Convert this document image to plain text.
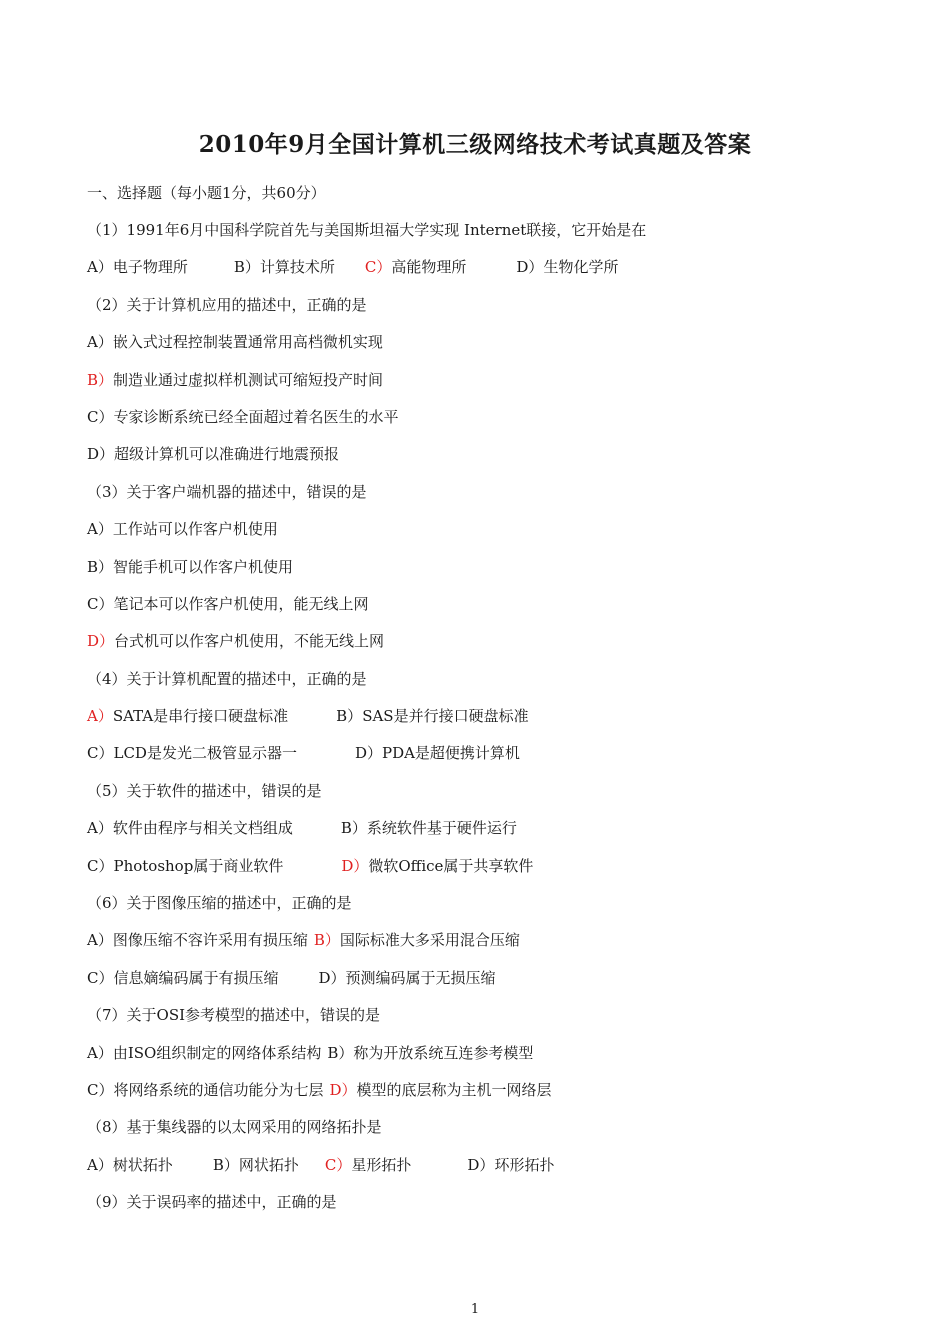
2010年9月全国计算机三级网络技术考试真题及答案
一、选择题（每小题1分，共60分）
（1）1991年6月中国科学院首先与美国斯坦福大学实现 Internet联接，它开始是在
A）电子物理所	B）计算技术所 C）高能物理所	D）生物化学所
（2）关于计算机应用的描述中，正确的是
A）嵌入式过程控制装置通常用高档微机实现
B）制造业通过虚拟样机测试可缩短投产时间
C）专家诊断系统已经全面超过着名医生的水平
D）超级计算机可以准确进行地震预报
（3）关于客户端机器的描述中，错误的是
A）工作站可以作客户机使用
B）智能手机可以作客户机使用
C）笔记本可以作客户机使用，能无线上网
D）台式机可以作客户机使用，不能无线上网
（4）关于计算机配置的描述中，正确的是
A）SATA是串行接口硬盘标准	B）SAS是并行接口硬盘标准
C）LCD是发光二极管显示器一	D）PDA是超便携计算机
（5）关于软件的描述中，错误的是
A）软件由程序与相关文档组成	B）系统软件基于硬件运行
C）Photoshop属于商业软件	D）微软Office属于共享软件
（6）关于图像压缩的描述中，正确的是
A）图像压缩不容许采用有损压缩 B）国际标准大多采用混合压缩
C）信息嫡编码属于有损压缩	D）预测编码属于无损压缩
（7）关于OSI参考模型的描述中，错误的是
A）由ISO组织制定的网络体系结构 B）称为开放系统互连参考模型
C）将网络系统的通信功能分为七层 D）模型的底层称为主机一网络层
（8）基于集线器的以太网采用的网络拓扑是
A）树状拓扑	B）网状拓扑 C）星形拓扑	D）环形拓扑
（9）关于误码率的描述中，正确的是
1
